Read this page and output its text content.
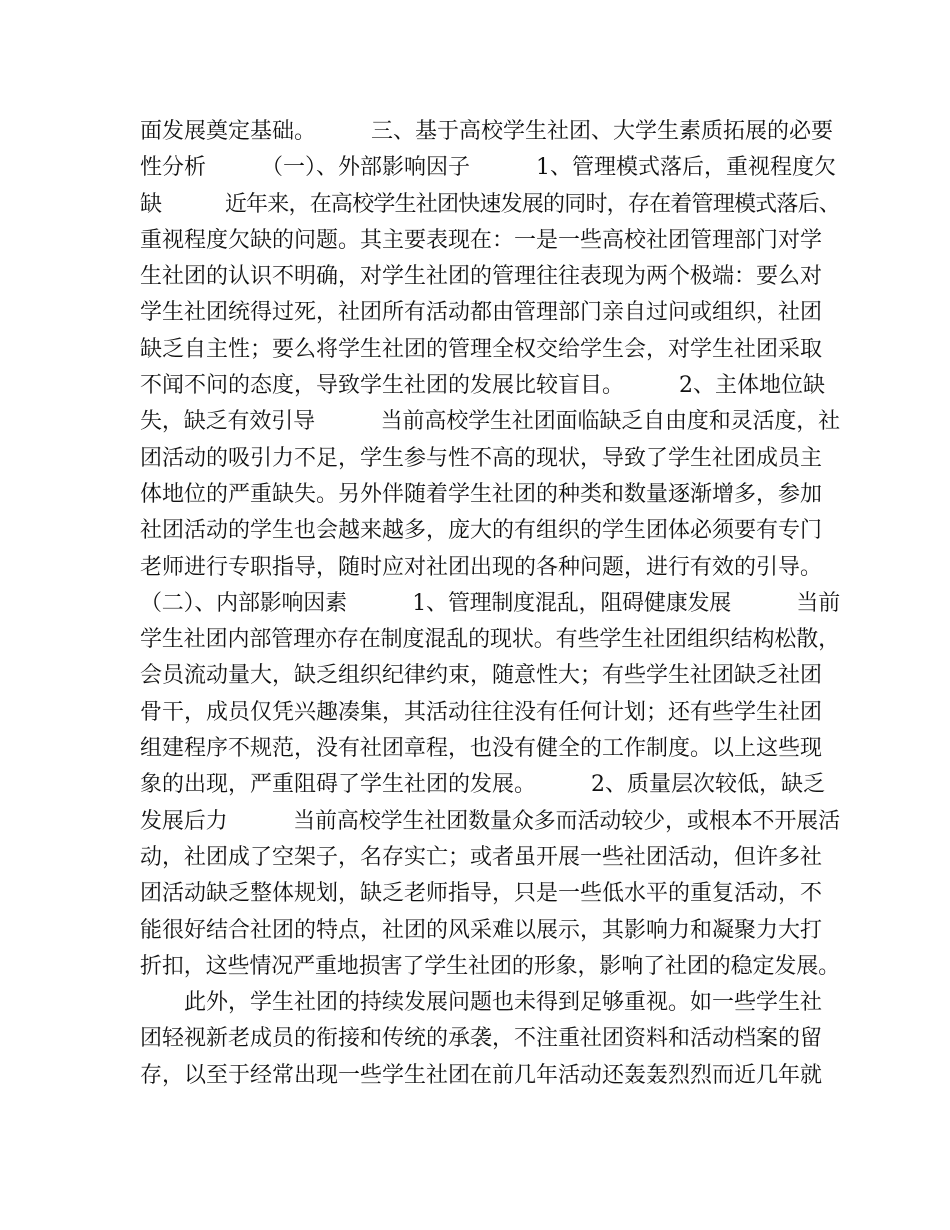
面发展奠定基础。　　　三、基于高校学生社团、大学生素质拓展的必要
性分析　　　（一）、外部影响因子　　　1、管理模式落后，重视程度欠
缺　　　近年来，在高校学生社团快速发展的同时，存在着管理模式落后、
重视程度欠缺的问题。其主要表现在：一是一些高校社团管理部门对学
生社团的认识不明确，对学生社团的管理往往表现为两个极端：要么对
学生社团统得过死，社团所有活动都由管理部门亲自过问或组织，社团
缺乏自主性；要么将学生社团的管理全权交给学生会，对学生社团采取
不闻不问的态度，导致学生社团的发展比较盲目。　　　2、主体地位缺
失，缺乏有效引导　　　当前高校学生社团面临缺乏自由度和灵活度，社
团活动的吸引力不足，学生参与性不高的现状，导致了学生社团成员主
体地位的严重缺失。另外伴随着学生社团的种类和数量逐渐增多，参加
社团活动的学生也会越来越多，庞大的有组织的学生团体必须要有专门
老师进行专职指导，随时应对社团出现的各种问题，进行有效的引导。
（二）、内部影响因素　　　1、管理制度混乱，阻碍健康发展　　　当前
学生社团内部管理亦存在制度混乱的现状。有些学生社团组织结构松散，
会员流动量大，缺乏组织纪律约束，随意性大；有些学生社团缺乏社团
骨干，成员仅凭兴趣凑集，其活动往往没有任何计划；还有些学生社团
组建程序不规范，没有社团章程，也没有健全的工作制度。以上这些现
象的出现，严重阻碍了学生社团的发展。　　　2、质量层次较低，缺乏
发展后力　　　当前高校学生社团数量众多而活动较少，或根本不开展活
动，社团成了空架子，名存实亡；或者虽开展一些社团活动，但许多社
团活动缺乏整体规划，缺乏老师指导，只是一些低水平的重复活动，不
能很好结合社团的特点，社团的风采难以展示，其影响力和凝聚力大打
折扣，这些情况严重地损害了学生社团的形象，影响了社团的稳定发展。
此外，学生社团的持续发展问题也未得到足够重视。如一些学生社
团轻视新老成员的衔接和传统的承袭，不注重社团资料和活动档案的留
存，以至于经常出现一些学生社团在前几年活动还轰轰烈烈而近几年就
